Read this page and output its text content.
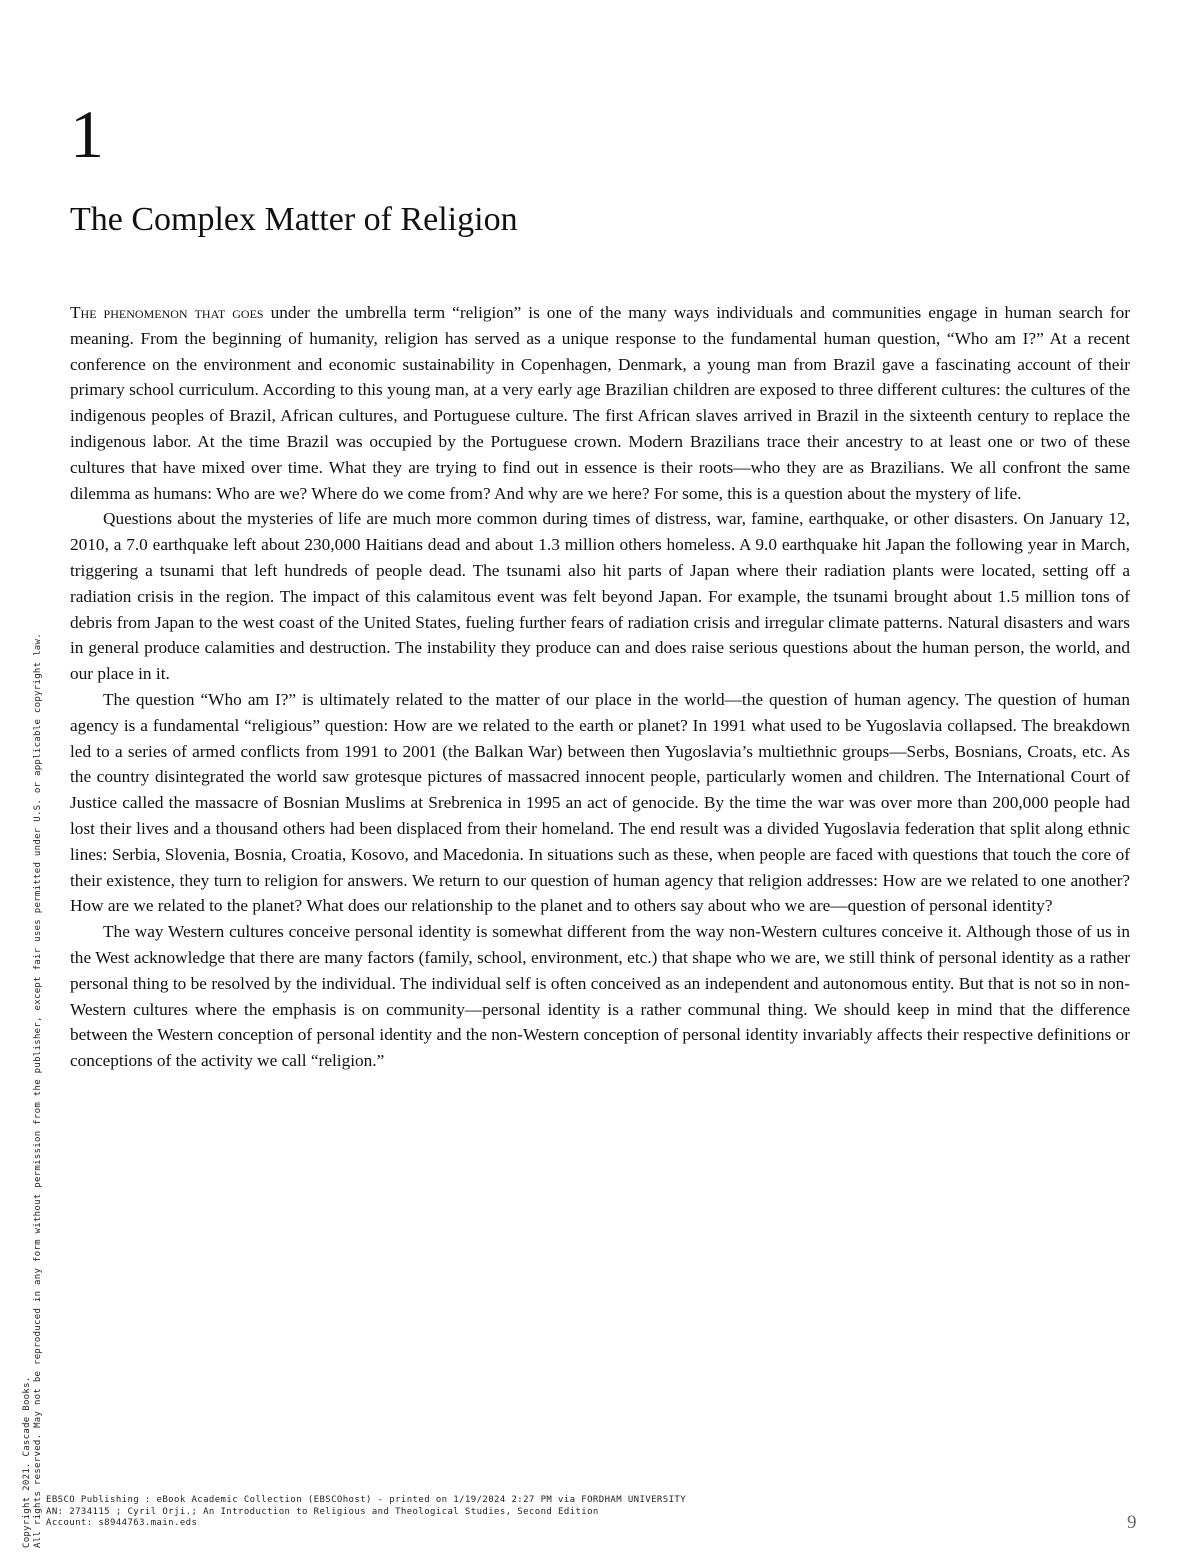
1
The Complex Matter of Religion

The phenomenon that goes under the umbrella term “religion” is one of the many ways individuals and communities engage in human search for meaning. From the beginning of humanity, religion has served as a unique response to the fundamental human question, “Who am I?” At a recent conference on the environment and economic sustainability in Copenhagen, Denmark, a young man from Brazil gave a fascinating account of their primary school curriculum. According to this young man, at a very early age Brazilian children are exposed to three different cultures: the cultures of the indigenous peoples of Brazil, African cultures, and Portuguese culture. The first African slaves arrived in Brazil in the sixteenth century to replace the indigenous labor. At the time Brazil was occupied by the Portuguese crown. Modern Brazilians trace their ancestry to at least one or two of these cultures that have mixed over time. What they are trying to find out in essence is their roots—who they are as Brazilians. We all confront the same dilemma as humans: Who are we? Where do we come from? And why are we here? For some, this is a question about the mystery of life.

Questions about the mysteries of life are much more common during times of distress, war, famine, earthquake, or other disasters. On January 12, 2010, a 7.0 earthquake left about 230,000 Haitians dead and about 1.3 million others homeless. A 9.0 earthquake hit Japan the following year in March, triggering a tsunami that left hundreds of people dead. The tsunami also hit parts of Japan where their radiation plants were located, setting off a radiation crisis in the region. The impact of this calamitous event was felt beyond Japan. For example, the tsunami brought about 1.5 million tons of debris from Japan to the west coast of the United States, fueling further fears of radiation crisis and irregular climate patterns. Natural disasters and wars in general produce calamities and destruction. The instability they produce can and does raise serious questions about the human person, the world, and our place in it.

The question “Who am I?” is ultimately related to the matter of our place in the world—the question of human agency. The question of human agency is a fundamental “religious” question: How are we related to the earth or planet? In 1991 what used to be Yugoslavia collapsed. The breakdown led to a series of armed conflicts from 1991 to 2001 (the Balkan War) between then Yugoslavia’s multiethnic groups—Serbs, Bosnians, Croats, etc. As the country disintegrated the world saw grotesque pictures of massacred innocent people, particularly women and children. The International Court of Justice called the massacre of Bosnian Muslims at Srebrenica in 1995 an act of genocide. By the time the war was over more than 200,000 people had lost their lives and a thousand others had been displaced from their homeland. The end result was a divided Yugoslavia federation that split along ethnic lines: Serbia, Slovenia, Bosnia, Croatia, Kosovo, and Macedonia. In situations such as these, when people are faced with questions that touch the core of their existence, they turn to religion for answers. We return to our question of human agency that religion addresses: How are we related to one another? How are we related to the planet? What does our relationship to the planet and to others say about who we are—question of personal identity?

The way Western cultures conceive personal identity is somewhat different from the way non-Western cultures conceive it. Although those of us in the West acknowledge that there are many factors (family, school, environment, etc.) that shape who we are, we still think of personal identity as a rather personal thing to be resolved by the individual. The individual self is often conceived as an independent and autonomous entity. But that is not so in non-Western cultures where the emphasis is on community—personal identity is a rather communal thing. We should keep in mind that the difference between the Western conception of personal identity and the non-Western conception of personal identity invariably affects their respective definitions or conceptions of the activity we call “religion.”

Copyright 2021. Cascade Books. All rights reserved. May not be reproduced in any form without permission from the publisher, except fair uses permitted under U.S. or applicable copyright law. EBSCO Publishing : eBook Academic Collection (EBSCOhost) - printed on 1/19/2024 2:27 PM via FORDHAM UNIVERSITY
AN: 2734115 ; Cyril Orji.; An Introduction to Religious and Theological Studies, Second Edition
Account: s8944763.main.eds	9
